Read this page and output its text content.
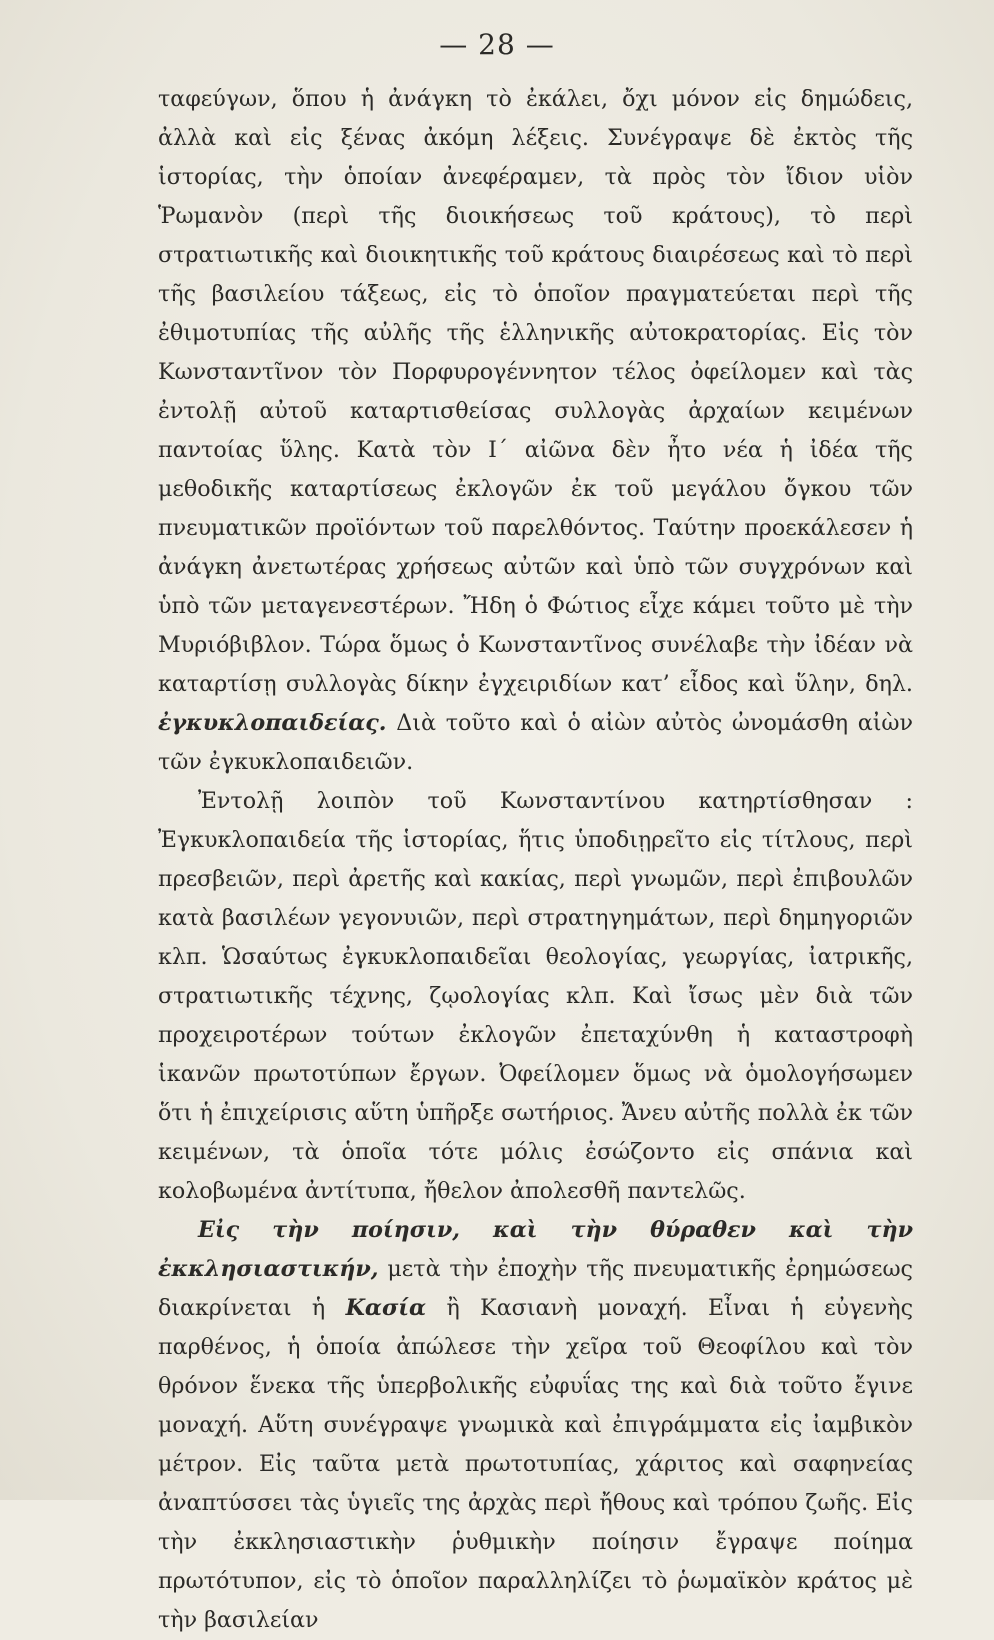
— 28 —

ταφεύγων, ὅπου ἡ ἀνάγκη τὸ ἐκάλει, ὄχι μόνον εἰς δημώδεις, ἀλλὰ καὶ εἰς ξένας ἀκόμη λέξεις. Συνέγραψε δὲ ἐκτὸς τῆς ἱστορίας, τὴν ὁποίαν ἀνεφέραμεν, τὰ πρὸς τὸν ἴδιον υἱὸν Ῥωμανὸν (περὶ τῆς διοικήσεως τοῦ κράτους), τὸ περὶ στρατιωτικῆς καὶ διοικητικῆς τοῦ κράτους διαιρέσεως καὶ τὸ περὶ τῆς βασιλείου τάξεως, εἰς τὸ ὁποῖον πραγματεύεται περὶ τῆς ἐθιμοτυπίας τῆς αὐλῆς τῆς ἑλληνικῆς αὐτοκρατορίας. Εἰς τὸν Κωνσταντῖνον τὸν Πορφυρογέννητον τέλος ὀφείλομεν καὶ τὰς ἐντολῇ αὐτοῦ καταρτισθείσας συλλογὰς ἀρχαίων κειμένων παντοίας ὕλης. Κατὰ τὸν Ι΄ αἰῶνα δὲν ἦτο νέα ἡ ἰδέα τῆς μεθοδικῆς καταρτίσεως ἐκλογῶν ἐκ τοῦ μεγάλου ὄγκου τῶν πνευματικῶν προϊόντων τοῦ παρελθόντος. Ταύτην προεκάλεσεν ἡ ἀνάγκη ἀνετωτέρας χρήσεως αὐτῶν καὶ ὑπὸ τῶν συγχρόνων καὶ ὑπὸ τῶν μεταγενεστέρων. Ἤδη ὁ Φώτιος εἶχε κάμει τοῦτο μὲ τὴν Μυριόβιβλον. Τώρα ὅμως ὁ Κωνσταντῖνος συνέλαβε τὴν ἰδέαν νὰ καταρτίσῃ συλλογὰς δίκην ἐγχειριδίων κατ’ εἶδος καὶ ὕλην, δηλ. ἐγκυκλοπαιδείας. Διὰ τοῦτο καὶ ὁ αἰὼν αὐτὸς ὠνομάσθη αἰὼν τῶν ἐγκυκλοπαιδειῶν.

Ἐντολῇ λοιπὸν τοῦ Κωνσταντίνου κατηρτίσθησαν : Ἐγκυκλοπαιδεία τῆς ἱστορίας, ἥτις ὑποδιῃρεῖτο εἰς τίτλους, περὶ πρεσβειῶν, περὶ ἀρετῆς καὶ κακίας, περὶ γνωμῶν, περὶ ἐπιβουλῶν κατὰ βασιλέων γεγονυιῶν, περὶ στρατηγημάτων, περὶ δημηγοριῶν κλπ. Ὡσαύτως ἐγκυκλοπαιδεῖαι θεολογίας, γεωργίας, ἰατρικῆς, στρατιωτικῆς τέχνης, ζῳολογίας κλπ. Καὶ ἴσως μὲν διὰ τῶν προχειροτέρων τούτων ἐκλογῶν ἐπεταχύνθη ἡ καταστροφὴ ἱκανῶν πρωτοτύπων ἔργων. Ὀφείλομεν ὅμως νὰ ὁμολογήσωμεν ὅτι ἡ ἐπιχείρισις αὕτη ὑπῆρξε σωτήριος. Ἄνευ αὐτῆς πολλὰ ἐκ τῶν κειμένων, τὰ ὁποῖα τότε μόλις ἐσώζοντο εἰς σπάνια καὶ κολοβωμένα ἀντίτυπα, ἤθελον ἀπολεσθῆ παντελῶς.

Εἰς τὴν ποίησιν, καὶ τὴν θύραθεν καὶ τὴν ἐκκλησιαστικήν, μετὰ τὴν ἐποχὴν τῆς πνευματικῆς ἐρημώσεως διακρίνεται ἡ Κασία ἢ Κασιανὴ μοναχή. Εἶναι ἡ εὐγενὴς παρθένος, ἡ ὁποία ἀπώλεσε τὴν χεῖρα τοῦ Θεοφίλου καὶ τὸν θρόνον ἕνεκα τῆς ὑπερβολικῆς εὐφυΐας της καὶ διὰ τοῦτο ἔγινε μοναχή. Αὕτη συνέγραψε γνωμικὰ καὶ ἐπιγράμματα εἰς ἰαμβικὸν μέτρον. Εἰς ταῦτα μετὰ πρωτοτυπίας, χάριτος καὶ σαφηνείας ἀναπτύσσει τὰς ὑγιεῖς της ἀρχὰς περὶ ἤθους καὶ τρόπου ζωῆς. Εἰς τὴν ἐκκλησιαστικὴν ῥυθμικὴν ποίησιν ἔγραψε ποίημα πρωτότυπον, εἰς τὸ ὁποῖον παραλληλίζει τὸ ῥωμαϊκὸν κράτος μὲ τὴν βασιλείαν
